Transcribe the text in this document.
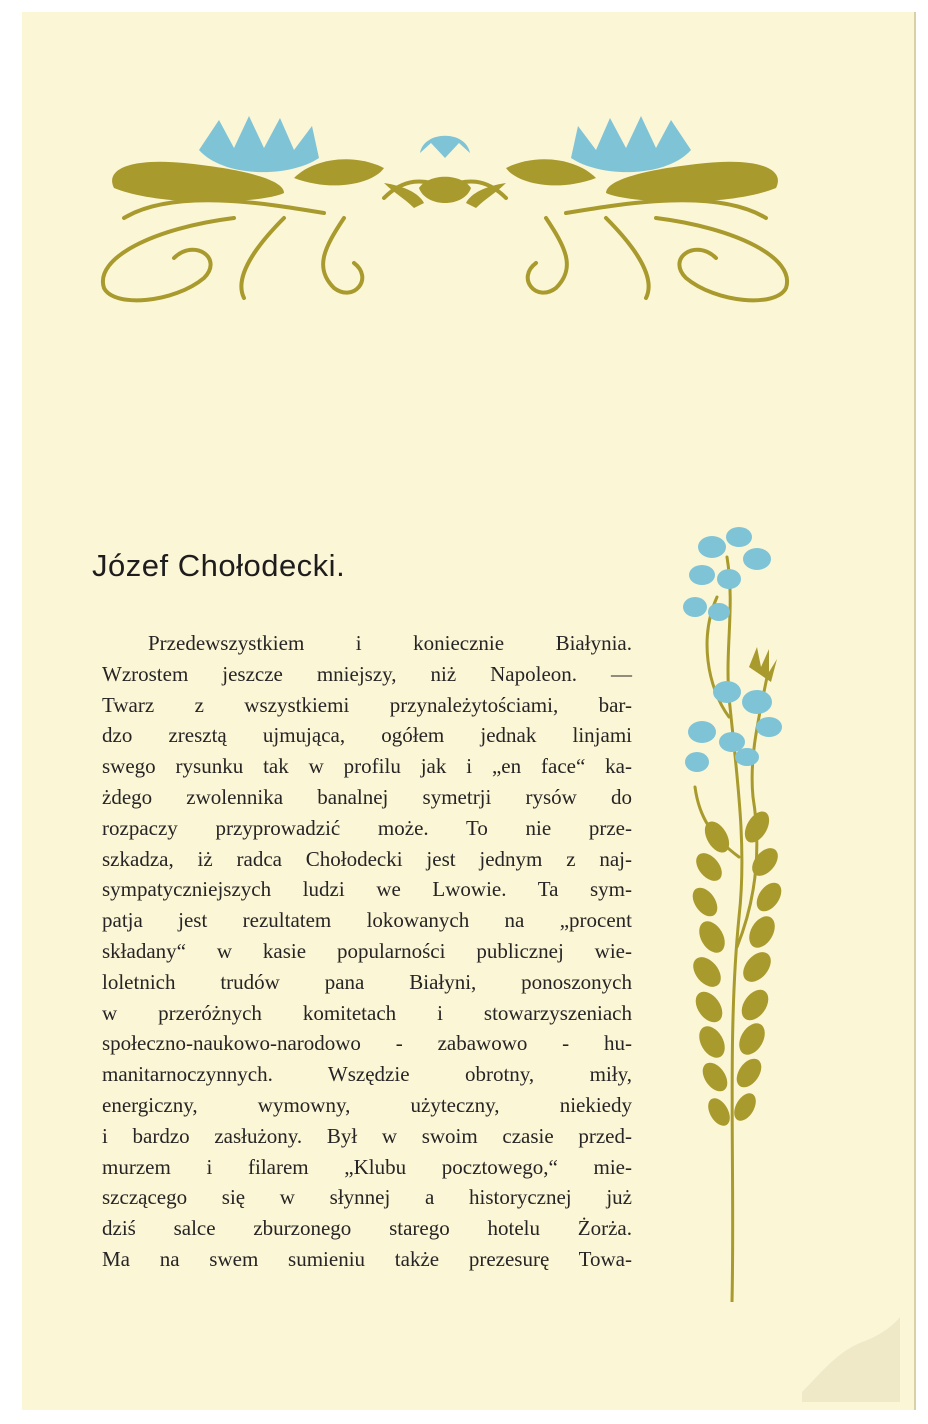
Józef Chołodecki.
Przedewszystkiem i koniecznie Białynia.
Wzrostem jeszcze mniejszy, niż Napoleon. —
Twarz z wszystkiemi przynależytościami, bar-
dzo zresztą ujmująca, ogółem jednak linjami
swego rysunku tak w profilu jak i „en face“ ka-
żdego zwolennika banalnej symetrji rysów do
rozpaczy przyprowadzić może. To nie prze-
szkadza, iż radca Chołodecki jest jednym z naj-
sympatyczniejszych ludzi we Lwowie. Ta sym-
patja jest rezultatem lokowanych na „procent
składany“ w kasie popularności publicznej wie-
loletnich trudów pana Białyni, ponoszonych
w przeróżnych komitetach i stowarzyszeniach
społeczno-naukowo-narodowo - zabawowo - hu-
manitarnoczynnych. Wszędzie obrotny, miły,
energiczny, wymowny, użyteczny, niekiedy
i bardzo zasłużony. Był w swoim czasie przed-
murzem i filarem „Klubu pocztowego,“ mie-
szczącego się w słynnej a historycznej już
dziś salce zburzonego starego hotelu Żorża.
Ma na swem sumieniu także prezesurę Towa-
